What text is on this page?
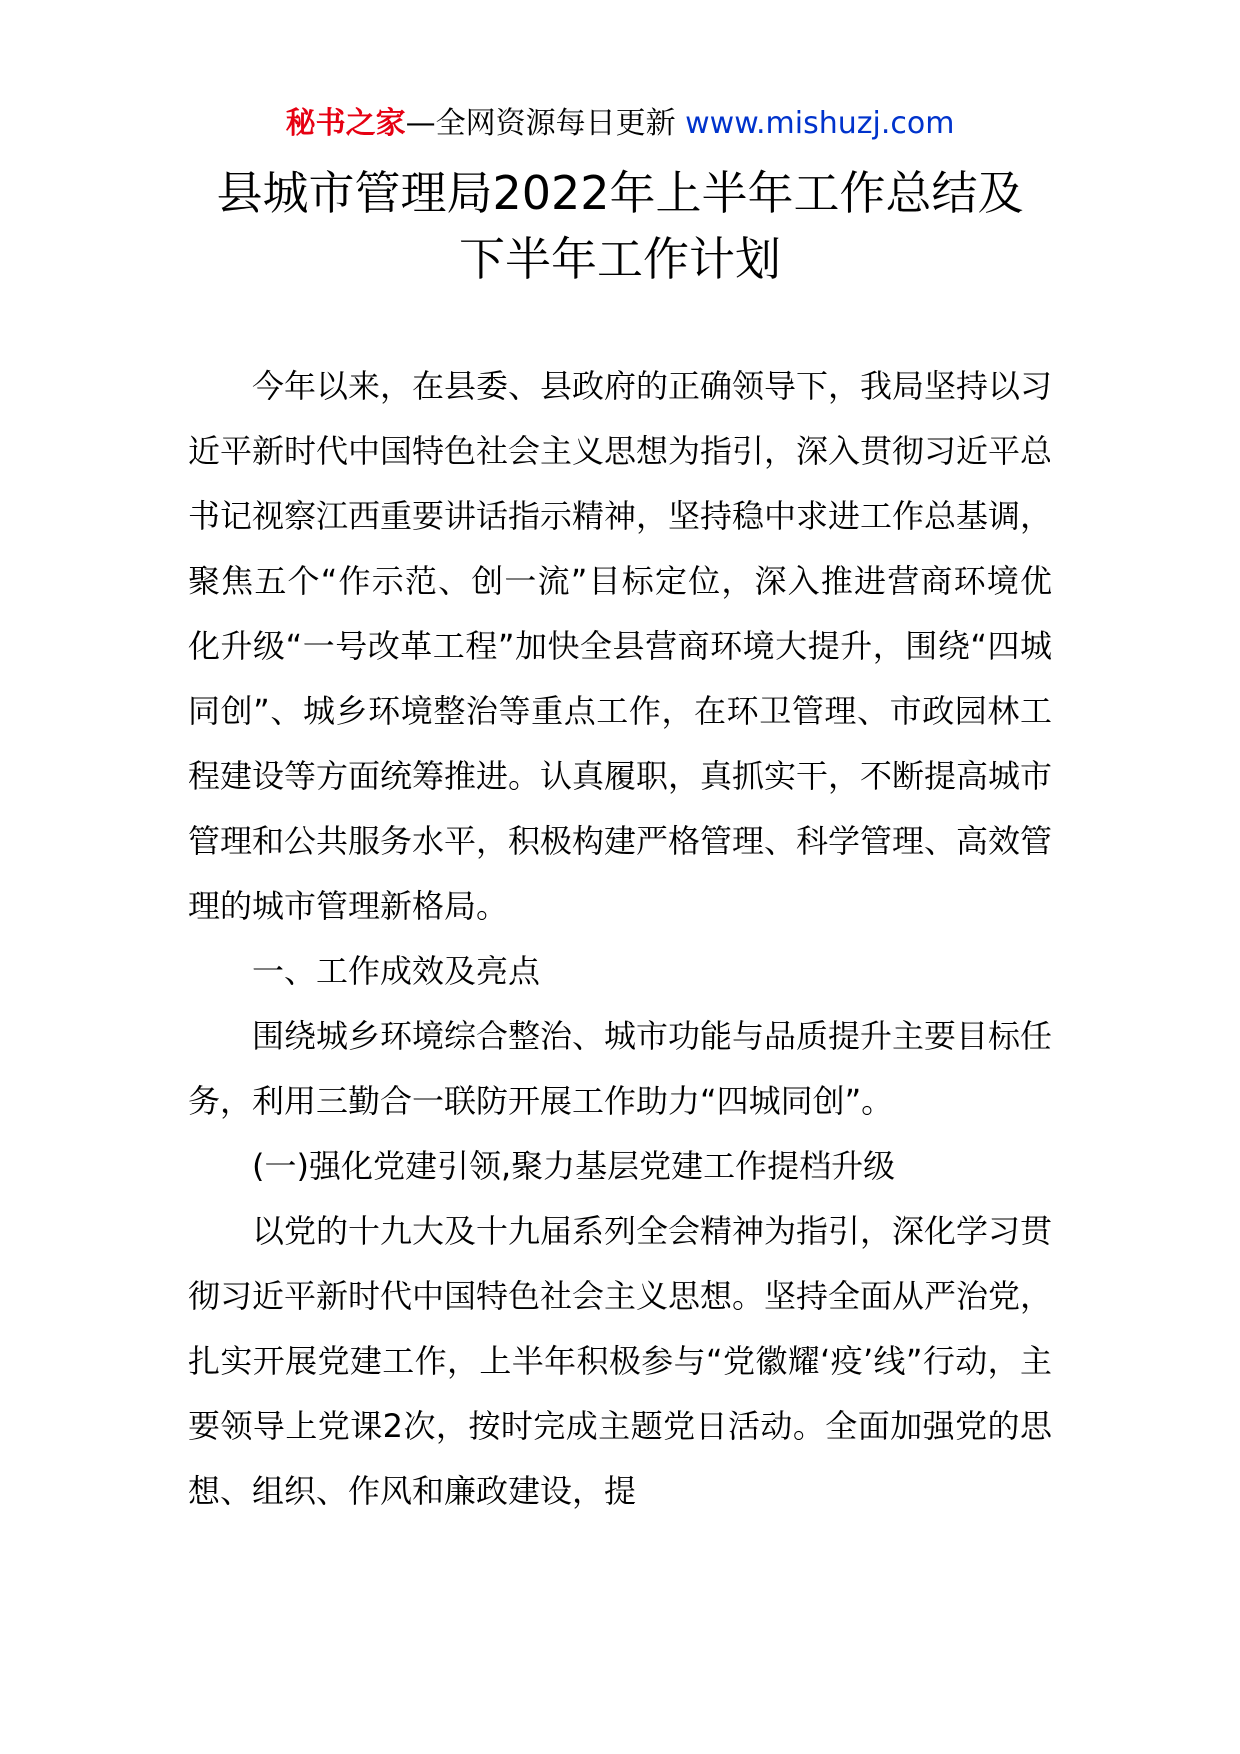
秘书之家—全网资源每日更新 www.mishuzj.com
县城市管理局2022年上半年工作总结及
下半年工作计划

今年以来，在县委、县政府的正确领导下，我局坚持以习近平新时代中国特色社会主义思想为指引，深入贯彻习近平总书记视察江西重要讲话指示精神，坚持稳中求进工作总基调，聚焦五个“作示范、创一流”目标定位，深入推进营商环境优化升级“一号改革工程”加快全县营商环境大提升，围绕“四城同创”、城乡环境整治等重点工作，在环卫管理、市政园林工程建设等方面统筹推进。认真履职，真抓实干，不断提高城市管理和公共服务水平，积极构建严格管理、科学管理、高效管理的城市管理新格局。

一、工作成效及亮点

围绕城乡环境综合整治、城市功能与品质提升主要目标任务，利用三勤合一联防开展工作助力“四城同创”。

(一)强化党建引领,聚力基层党建工作提档升级

以党的十九大及十九届系列全会精神为指引，深化学习贯彻习近平新时代中国特色社会主义思想。坚持全面从严治党，扎实开展党建工作，上半年积极参与“党徽耀‘疫’线”行动，主要领导上党课2次，按时完成主题党日活动。全面加强党的思想、组织、作风和廉政建设，提
